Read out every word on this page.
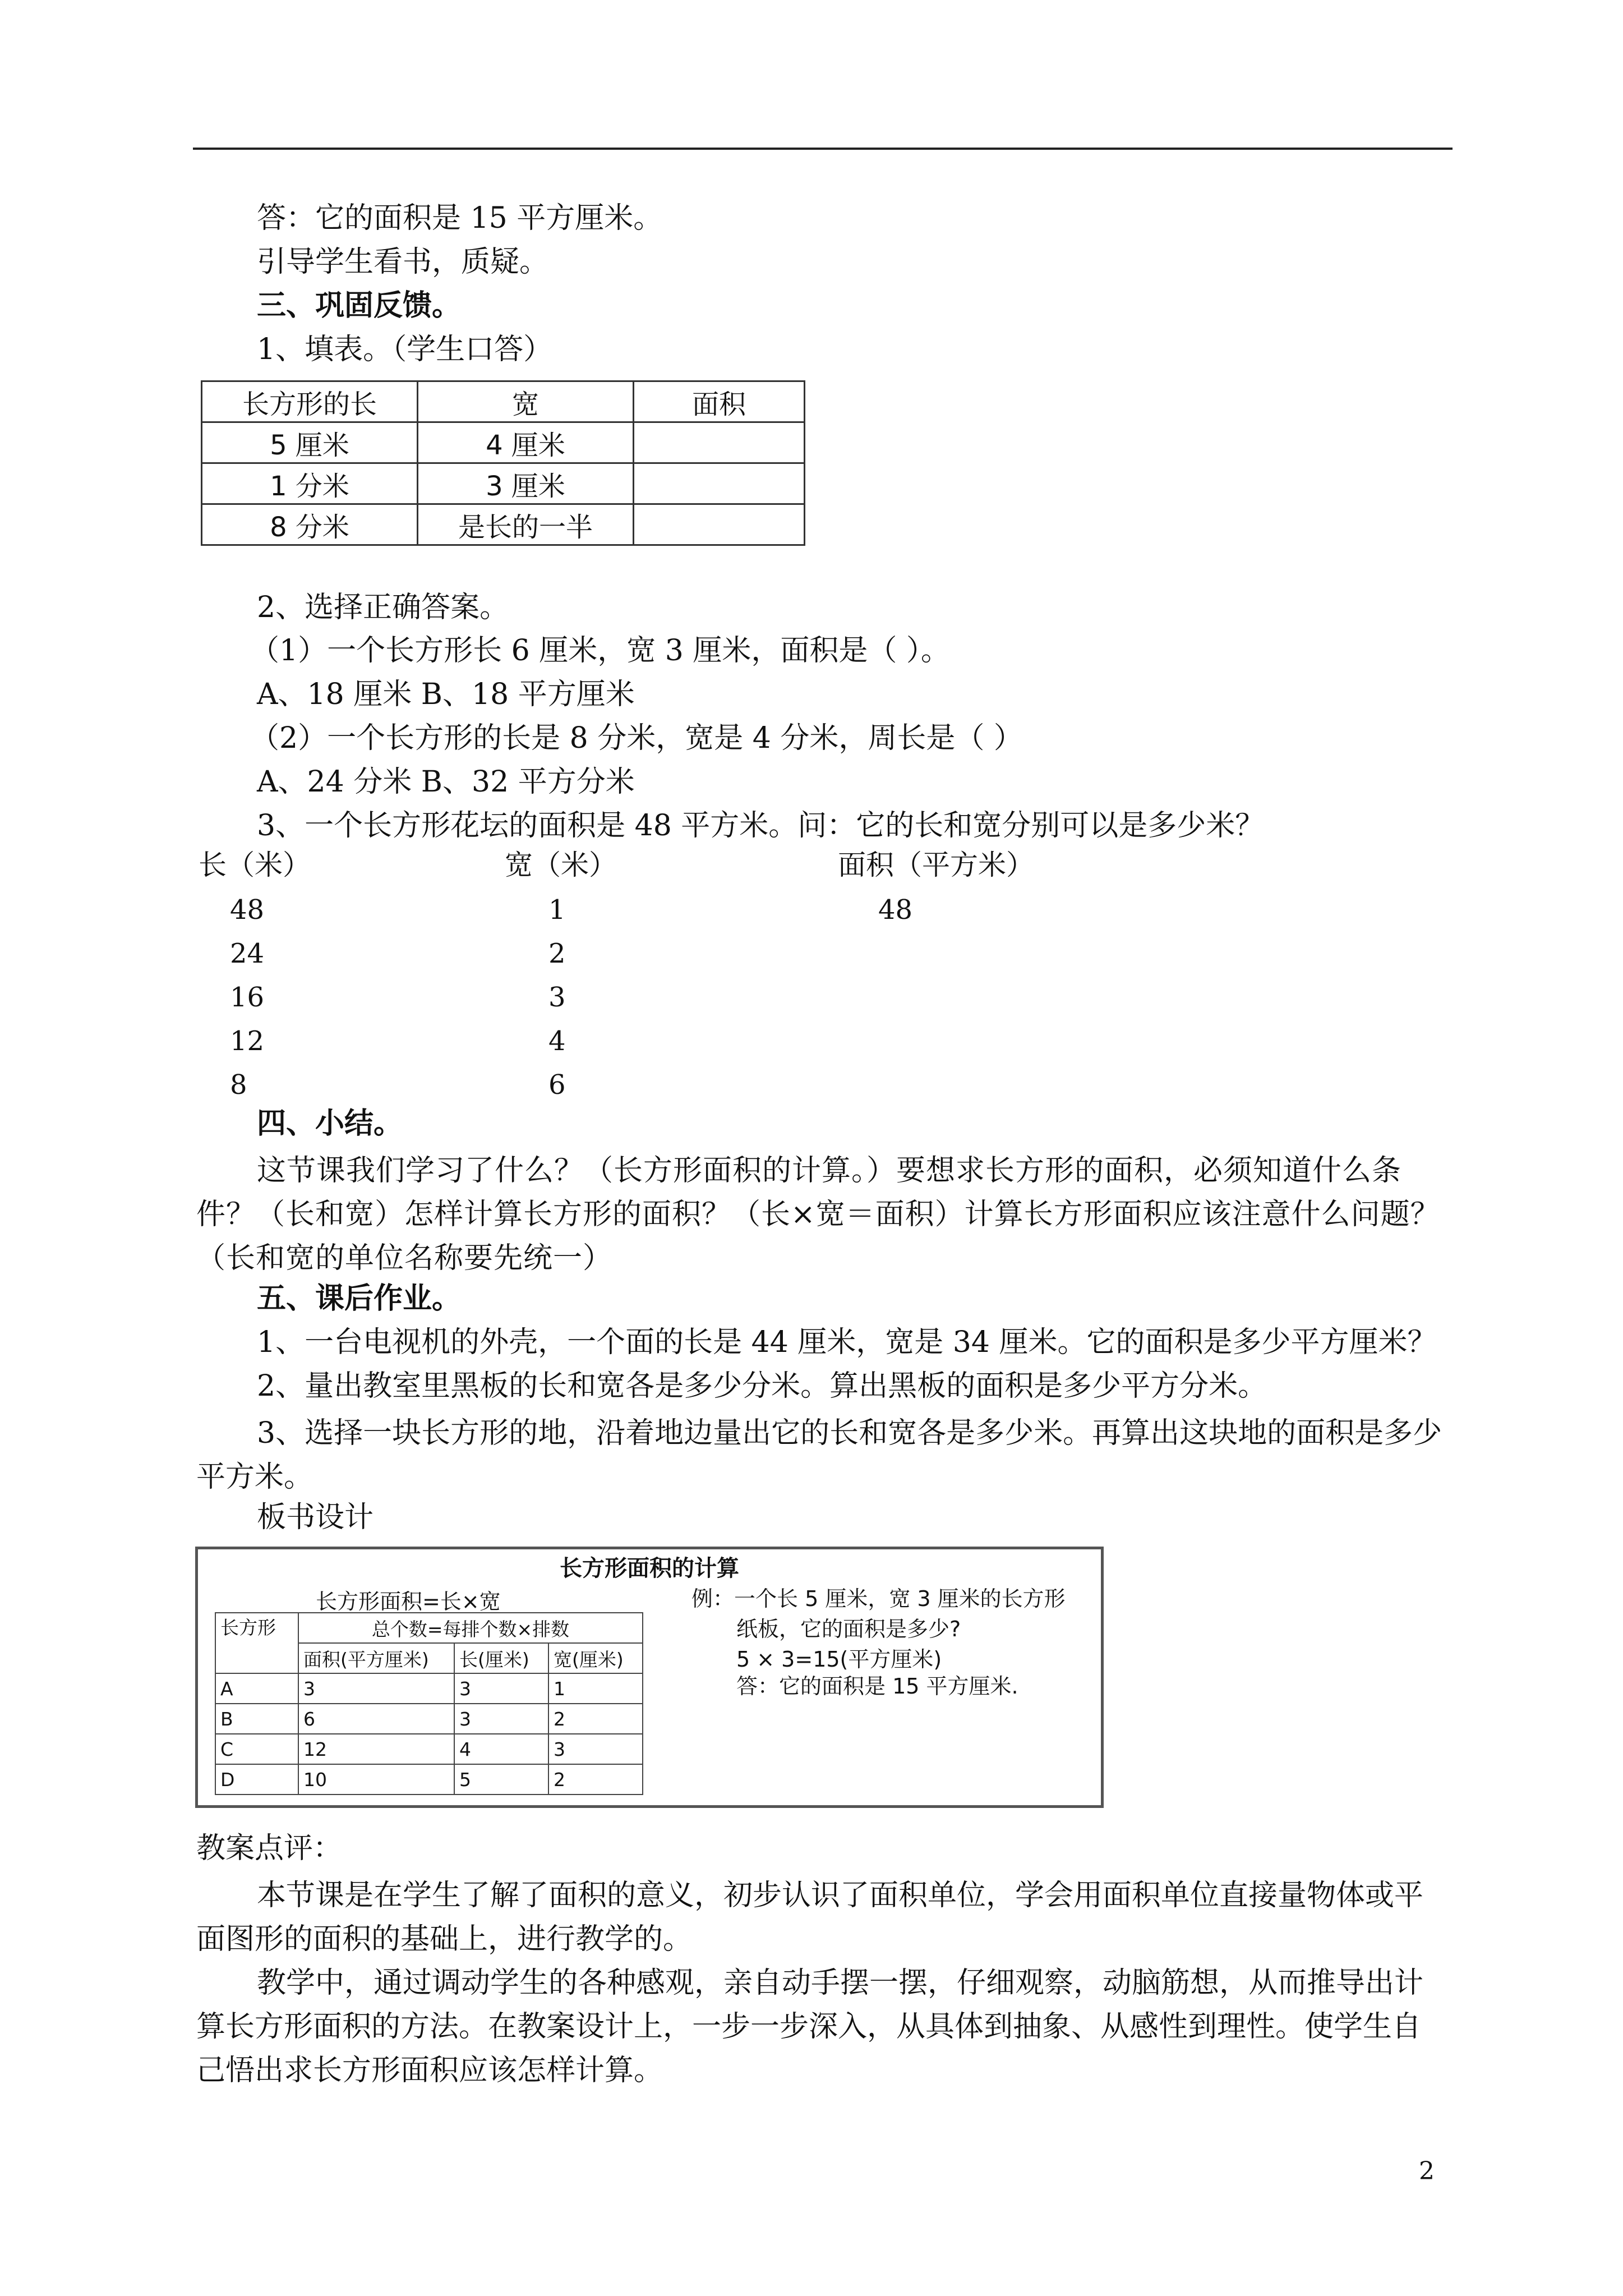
答：它的面积是 15 平方厘米。
引导学生看书，质疑。
三、巩固反馈。
1、填表。（学生口答）
长方形的长	宽	面积
5 厘米	4 厘米	
1 分米	3 厘米	
8 分米	是长的一半	
2、选择正确答案。
（1）一个长方形长 6 厘米，宽 3 厘米，面积是（ ）。
A、18 厘米 B、18 平方厘米
（2）一个长方形的长是 8 分米，宽是 4 分米，周长是（ ）
A、24 分米 B、32 平方分米
3、一个长方形花坛的面积是 48 平方米。问：它的长和宽分别可以是多少米？
长（米）	宽（米）	面积（平方米）
48	1	48
24	2
16	3
12	4
8	6
四、小结。
这节课我们学习了什么？（长方形面积的计算。）要想求长方形的面积，必须知道什么条件？（长和宽）怎样计算长方形的面积？（长×宽＝面积）计算长方形面积应该注意什么问题？（长和宽的单位名称要先统一）
五、课后作业。
1、一台电视机的外壳，一个面的长是 44 厘米，宽是 34 厘米。它的面积是多少平方厘米？
2、量出教室里黑板的长和宽各是多少分米。算出黑板的面积是多少平方分米。
3、选择一块长方形的地，沿着地边量出它的长和宽各是多少米。再算出这块地的面积是多少平方米。
板书设计
长方形面积的计算
长方形面积=长×宽
长方形	总个数=每排个数×排数		
	面积(平方厘米)	长(厘米)	宽(厘米)
A	3	3	1
B	6	3	2
C	12	4	3
D	10	5	2
例：一个长 5 厘米，宽 3 厘米的长方形
纸板，它的面积是多少?
5 × 3=15(平方厘米)
答：它的面积是 15 平方厘米.
教案点评：
本节课是在学生了解了面积的意义，初步认识了面积单位，学会用面积单位直接量物体或平面图形的面积的基础上，进行教学的。
教学中，通过调动学生的各种感观，亲自动手摆一摆，仔细观察，动脑筋想，从而推导出计算长方形面积的方法。在教案设计上，一步一步深入，从具体到抽象、从感性到理性。使学生自己悟出求长方形面积应该怎样计算。
2
